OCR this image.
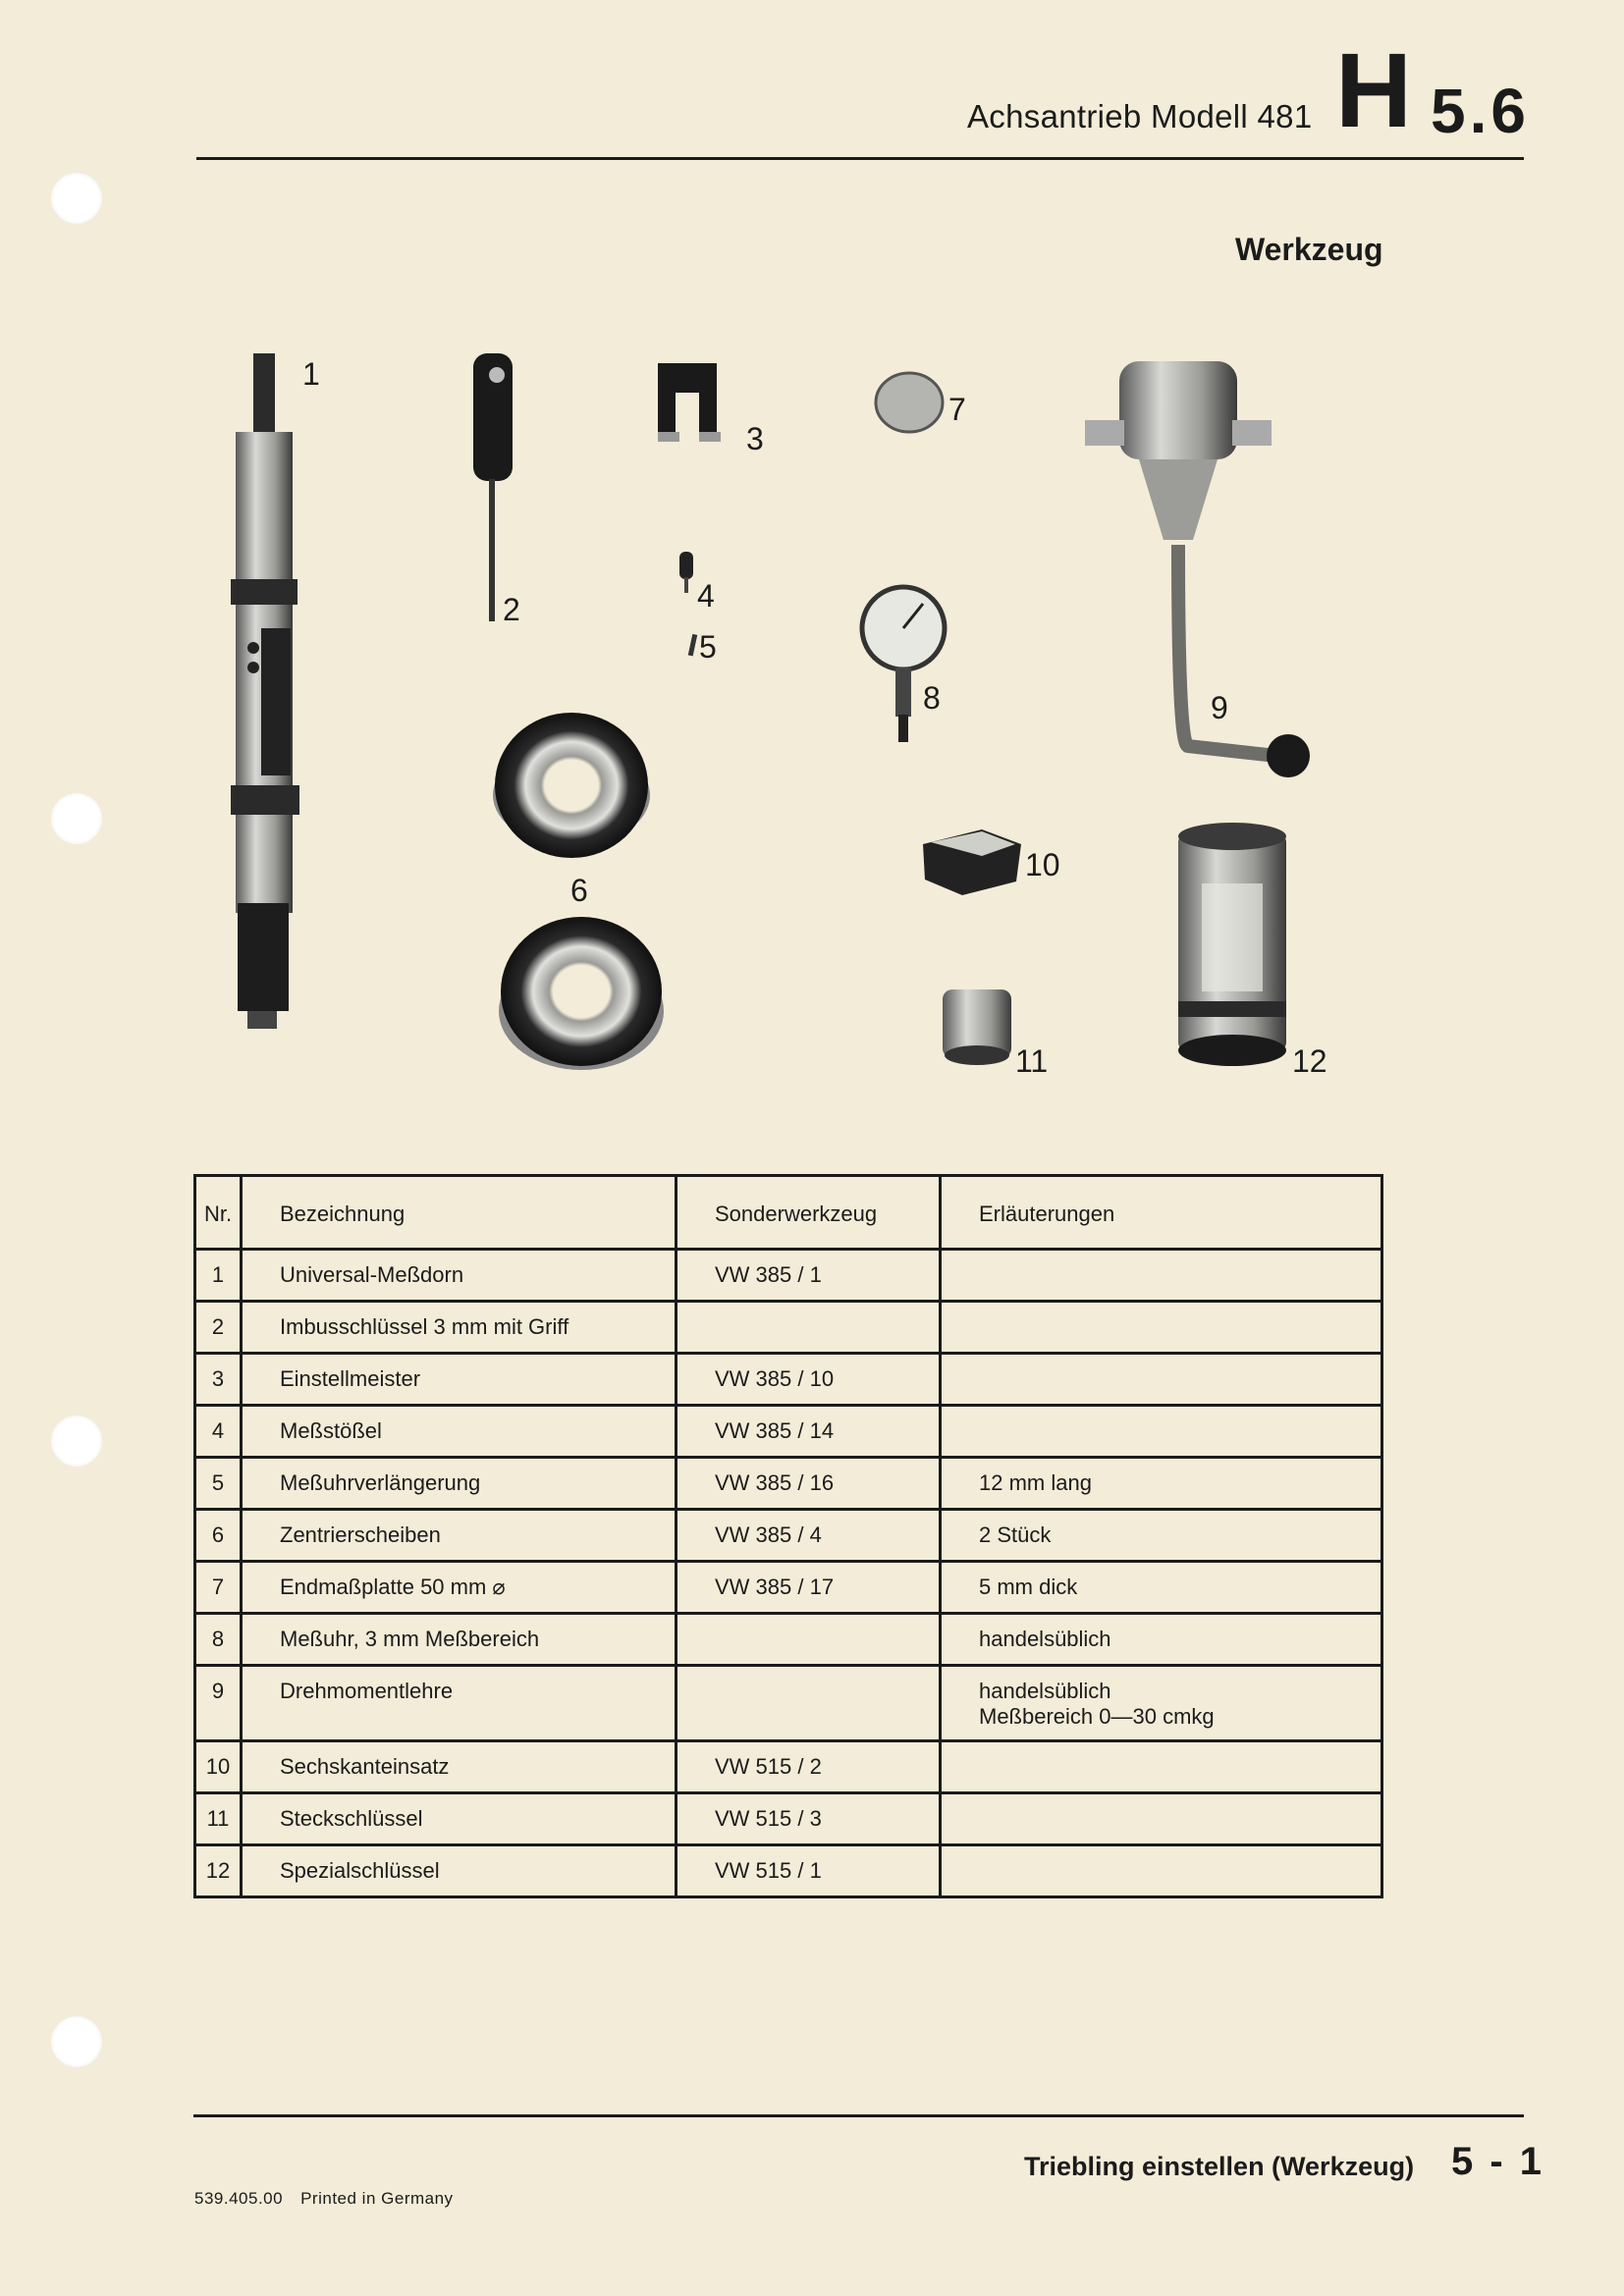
Achsantrieb Modell 481 H 5.6
Werkzeug
1
2
3
4
5
6
7
8	9
10
11	12
Nr.	Bezeichnung	Sonderwerkzeug	Erläuterungen
1	Universal-Meßdorn	VW 385 / 1	
2	Imbusschlüssel 3 mm mit Griff		
3	Einstellmeister	VW 385 / 10	
4	Meßstößel	VW 385 / 14	
5	Meßuhrverlängerung	VW 385 / 16	12 mm lang
6	Zentrierscheiben	VW 385 / 4	2 Stück
7	Endmaßplatte 50 mm ⌀	VW 385 / 17	5 mm dick
8	Meßuhr, 3 mm Meßbereich		handelsüblich
9	Drehmomentlehre		handelsüblich
Meßbereich 0—30 cmkg

10	Sechskanteinsatz	VW 515 / 2	
11	Steckschlüssel	VW 515 / 3	
12	Spezialschlüssel	VW 515 / 1	
Triebling einstellen (Werkzeug) 5 - 1
539.405.00 Printed in Germany
